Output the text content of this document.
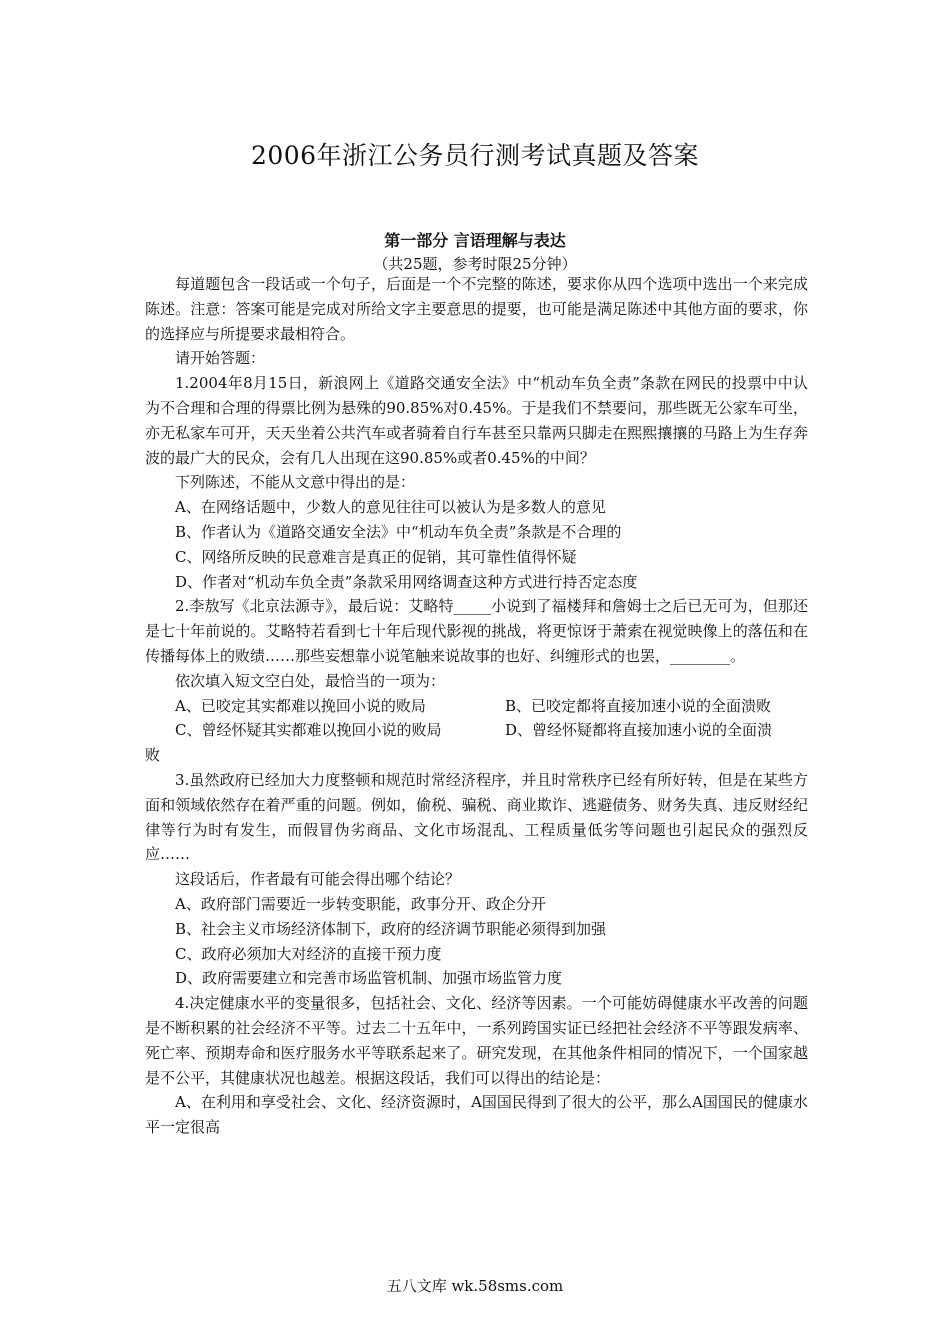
2006年浙江公务员行测考试真题及答案
第一部分 言语理解与表达
（共25题，参考时限25分钟）

每道题包含一段话或一个句子，后面是一个不完整的陈述，要求你从四个选项中选出一个来完成陈述。注意：答案可能是完成对所给文字主要意思的提要，也可能是满足陈述中其他方面的要求，你的选择应与所提要求最相符合。

请开始答题：

1.2004年8月15日，新浪网上《道路交通安全法》中“机动车负全责”条款在网民的投票中中认为不合理和合理的得票比例为悬殊的90.85%对0.45%。于是我们不禁要问，那些既无公家车可坐，亦无私家车可开，天天坐着公共汽车或者骑着自行车甚至只靠两只脚走在熙熙攘攘的马路上为生存奔波的最广大的民众，会有几人出现在这90.85%或者0.45%的中间？

下列陈述，不能从文意中得出的是：

A、在网络话题中，少数人的意见往往可以被认为是多数人的意见

B、作者认为《道路交通安全法》中“机动车负全责”条款是不合理的

C、网络所反映的民意难言是真正的促销，其可靠性值得怀疑

D、作者对“机动车负全责”条款采用网络调查这种方式进行持否定态度

2.李敖写《北京法源寺》，最后说：艾略特_____小说到了福楼拜和詹姆士之后已无可为，但那还是七十年前说的。艾略特若看到七十年后现代影视的挑战，将更惊讶于萧索在视觉映像上的落伍和在传播每体上的败绩……那些妄想靠小说笔触来说故事的也好、纠缠形式的也罢，________。

依次填入短文空白处，最恰当的一项为：

A、已咬定其实都难以挽回小说的败局	B、已咬定都将直接加速小说的全面溃败
C、曾经怀疑其实都难以挽回小说的败局	D、曾经怀疑都将直接加速小说的全面溃
败

3.虽然政府已经加大力度整顿和规范时常经济程序，并且时常秩序已经有所好转，但是在某些方面和领域依然存在着严重的问题。例如，偷税、骗税、商业欺诈、逃避债务、财务失真、违反财经纪律等行为时有发生，而假冒伪劣商品、文化市场混乱、工程质量低劣等问题也引起民众的强烈反应……

这段话后，作者最有可能会得出哪个结论？

A、政府部门需要近一步转变职能，政事分开、政企分开

B、社会主义市场经济体制下，政府的经济调节职能必须得到加强

C、政府必须加大对经济的直接干预力度

D、政府需要建立和完善市场监管机制、加强市场监管力度

4.决定健康水平的变量很多，包括社会、文化、经济等因素。一个可能妨碍健康水平改善的问题是不断积累的社会经济不平等。过去二十五年中，一系列跨国实证已经把社会经济不平等跟发病率、死亡率、预期寿命和医疗服务水平等联系起来了。研究发现，在其他条件相同的情况下，一个国家越是不公平，其健康状况也越差。根据这段话，我们可以得出的结论是：

A、在利用和享受社会、文化、经济资源时，A国国民得到了很大的公平，那么A国国民的健康水平一定很高

五八文库 wk.58sms.com
